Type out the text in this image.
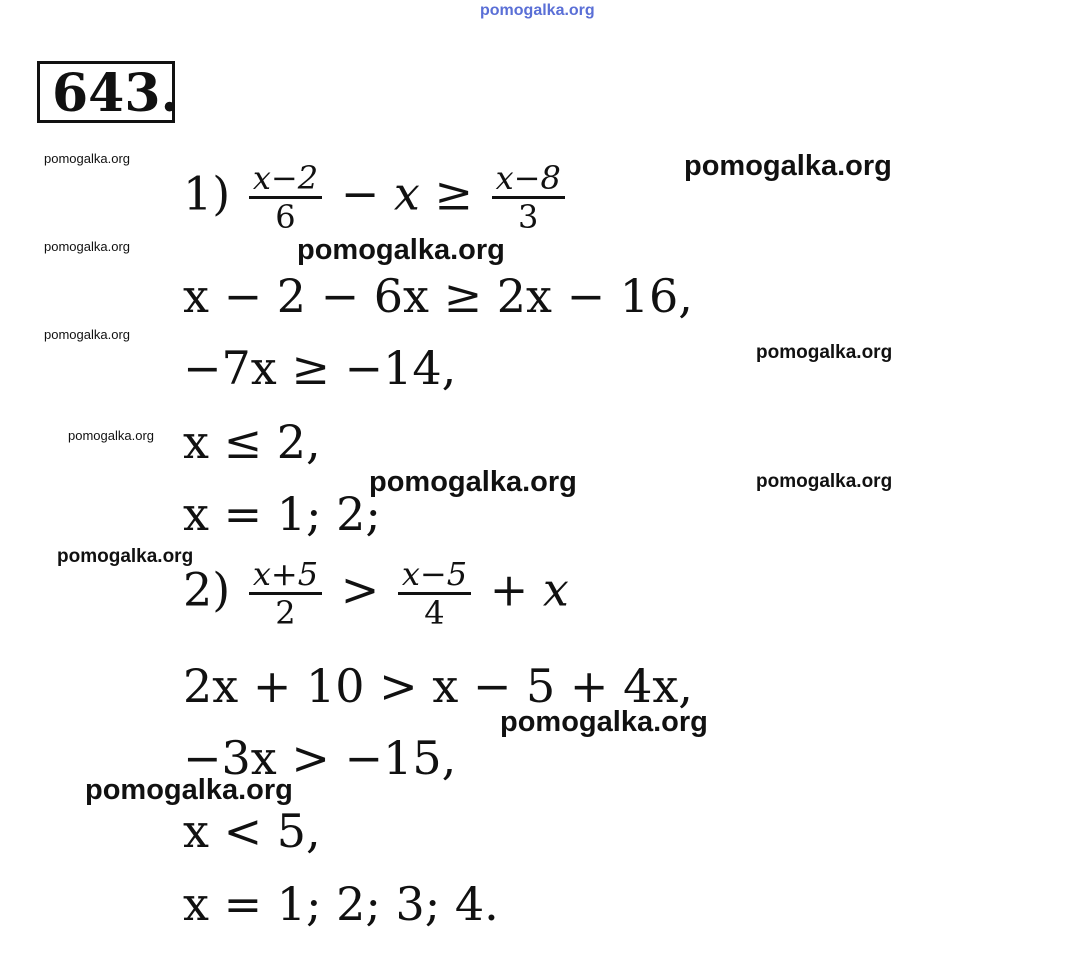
pomogalka.org
643.
$1) \frac{x-2}{6} - x \ge \frac{x-8}{3}$
x − 2 − 6x ≥ 2x − 16,
−7x ≥ −14,
x ≤ 2,
x = 1; 2;
$2) \frac{x+5}{2} > \frac{x-5}{4} + x$
2x + 10 > x − 5 + 4x,
−3x > −15,
x < 5,
x = 1; 2; 3; 4.
pomogalka.org
pomogalka.org
pomogalka.org
pomogalka.org
pomogalka.org
pomogalka.org
pomogalka.org
pomogalka.org
pomogalka.org	pomogalka.org
pomogalka.org
pomogalka.org
